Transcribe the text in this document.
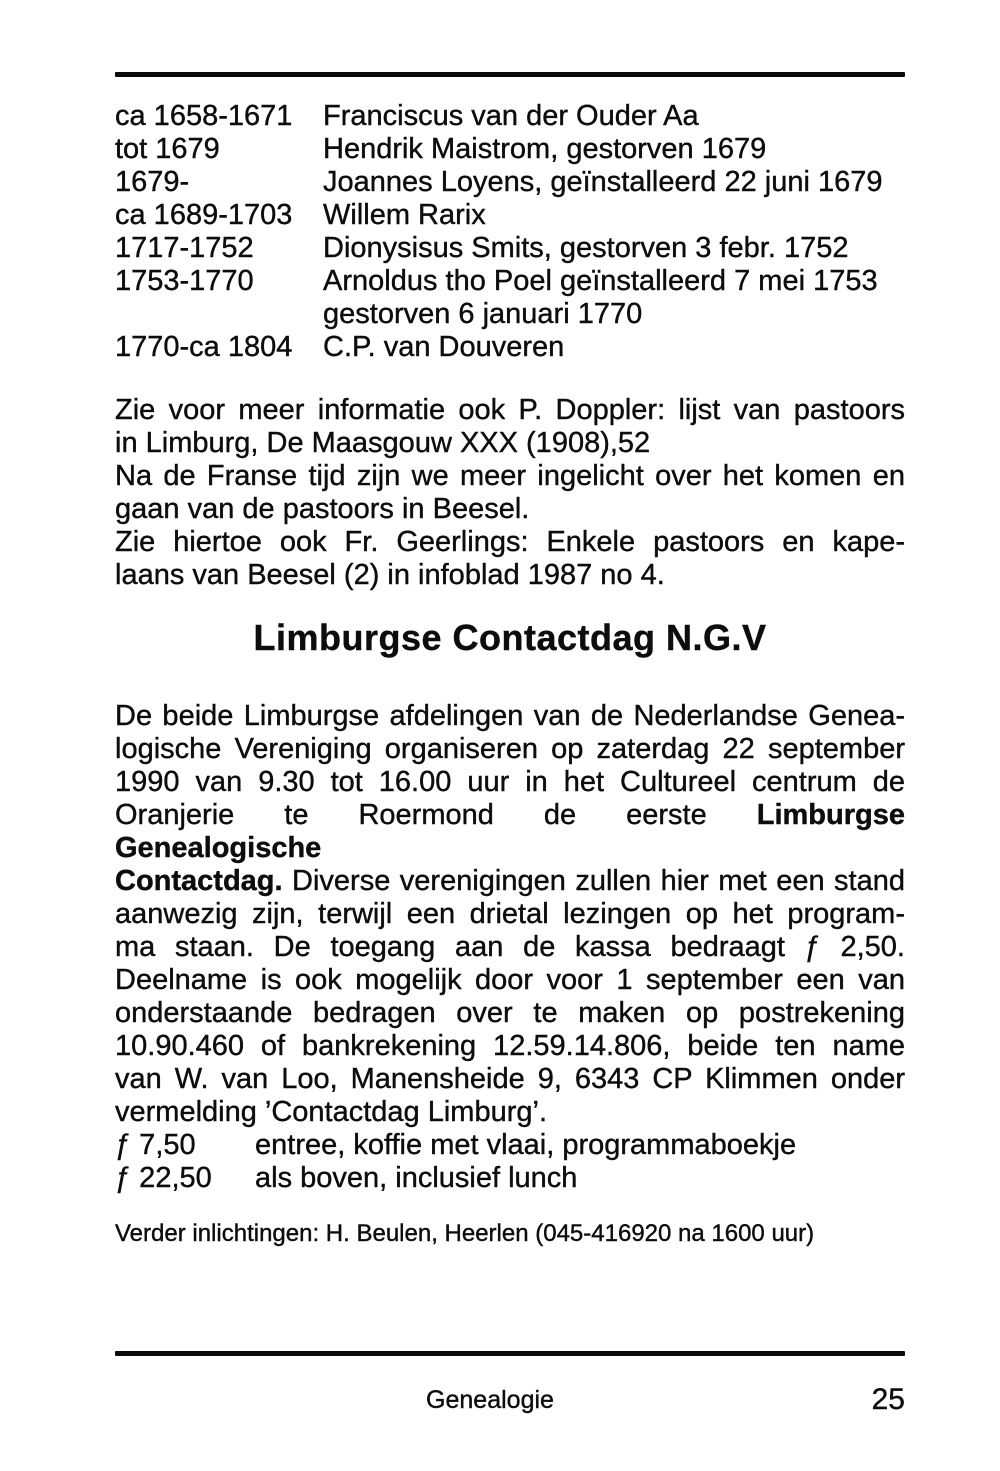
ca 1658-1671	Franciscus van der Ouder Aa
tot 1679	Hendrik Maistrom, gestorven 1679
1679-	Joannes Loyens, geïnstalleerd 22 juni 1679
ca 1689-1703	Willem Rarix
1717-1752	Dionysisus Smits, gestorven 3 febr. 1752
1753-1770	Arnoldus tho Poel geïnstalleerd 7 mei 1753
gestorven 6 januari 1770
1770-ca 1804	C.P. van Douveren
Zie voor meer informatie ook P. Doppler: lijst van pastoors
in Limburg, De Maasgouw XXX (1908),52
Na de Franse tijd zijn we meer ingelicht over het komen en
gaan van de pastoors in Beesel.
Zie hiertoe ook Fr. Geerlings: Enkele pastoors en kape-
laans van Beesel (2) in infoblad 1987 no 4.
Limburgse Contactdag N.G.V
De beide Limburgse afdelingen van de Nederlandse Genea-
logische Vereniging organiseren op zaterdag 22 september
1990 van 9.30 tot 16.00 uur in het Cultureel centrum de
Oranjerie te Roermond de eerste Limburgse Genealogische
Contactdag. Diverse verenigingen zullen hier met een stand
aanwezig zijn, terwijl een drietal lezingen op het program-
ma staan. De toegang aan de kassa bedraagt ƒ 2,50.
Deelname is ook mogelijk door voor 1 september een van
onderstaande bedragen over te maken op postrekening
10.90.460 of bankrekening 12.59.14.806, beide ten name
van W. van Loo, Manensheide 9, 6343 CP Klimmen onder
vermelding ’Contactdag Limburg’.
ƒ 7,50	entree, koffie met vlaai, programmaboekje
ƒ 22,50	als boven, inclusief lunch
Verder inlichtingen: H. Beulen, Heerlen (045-416920 na 1600 uur)
Genealogie	25
